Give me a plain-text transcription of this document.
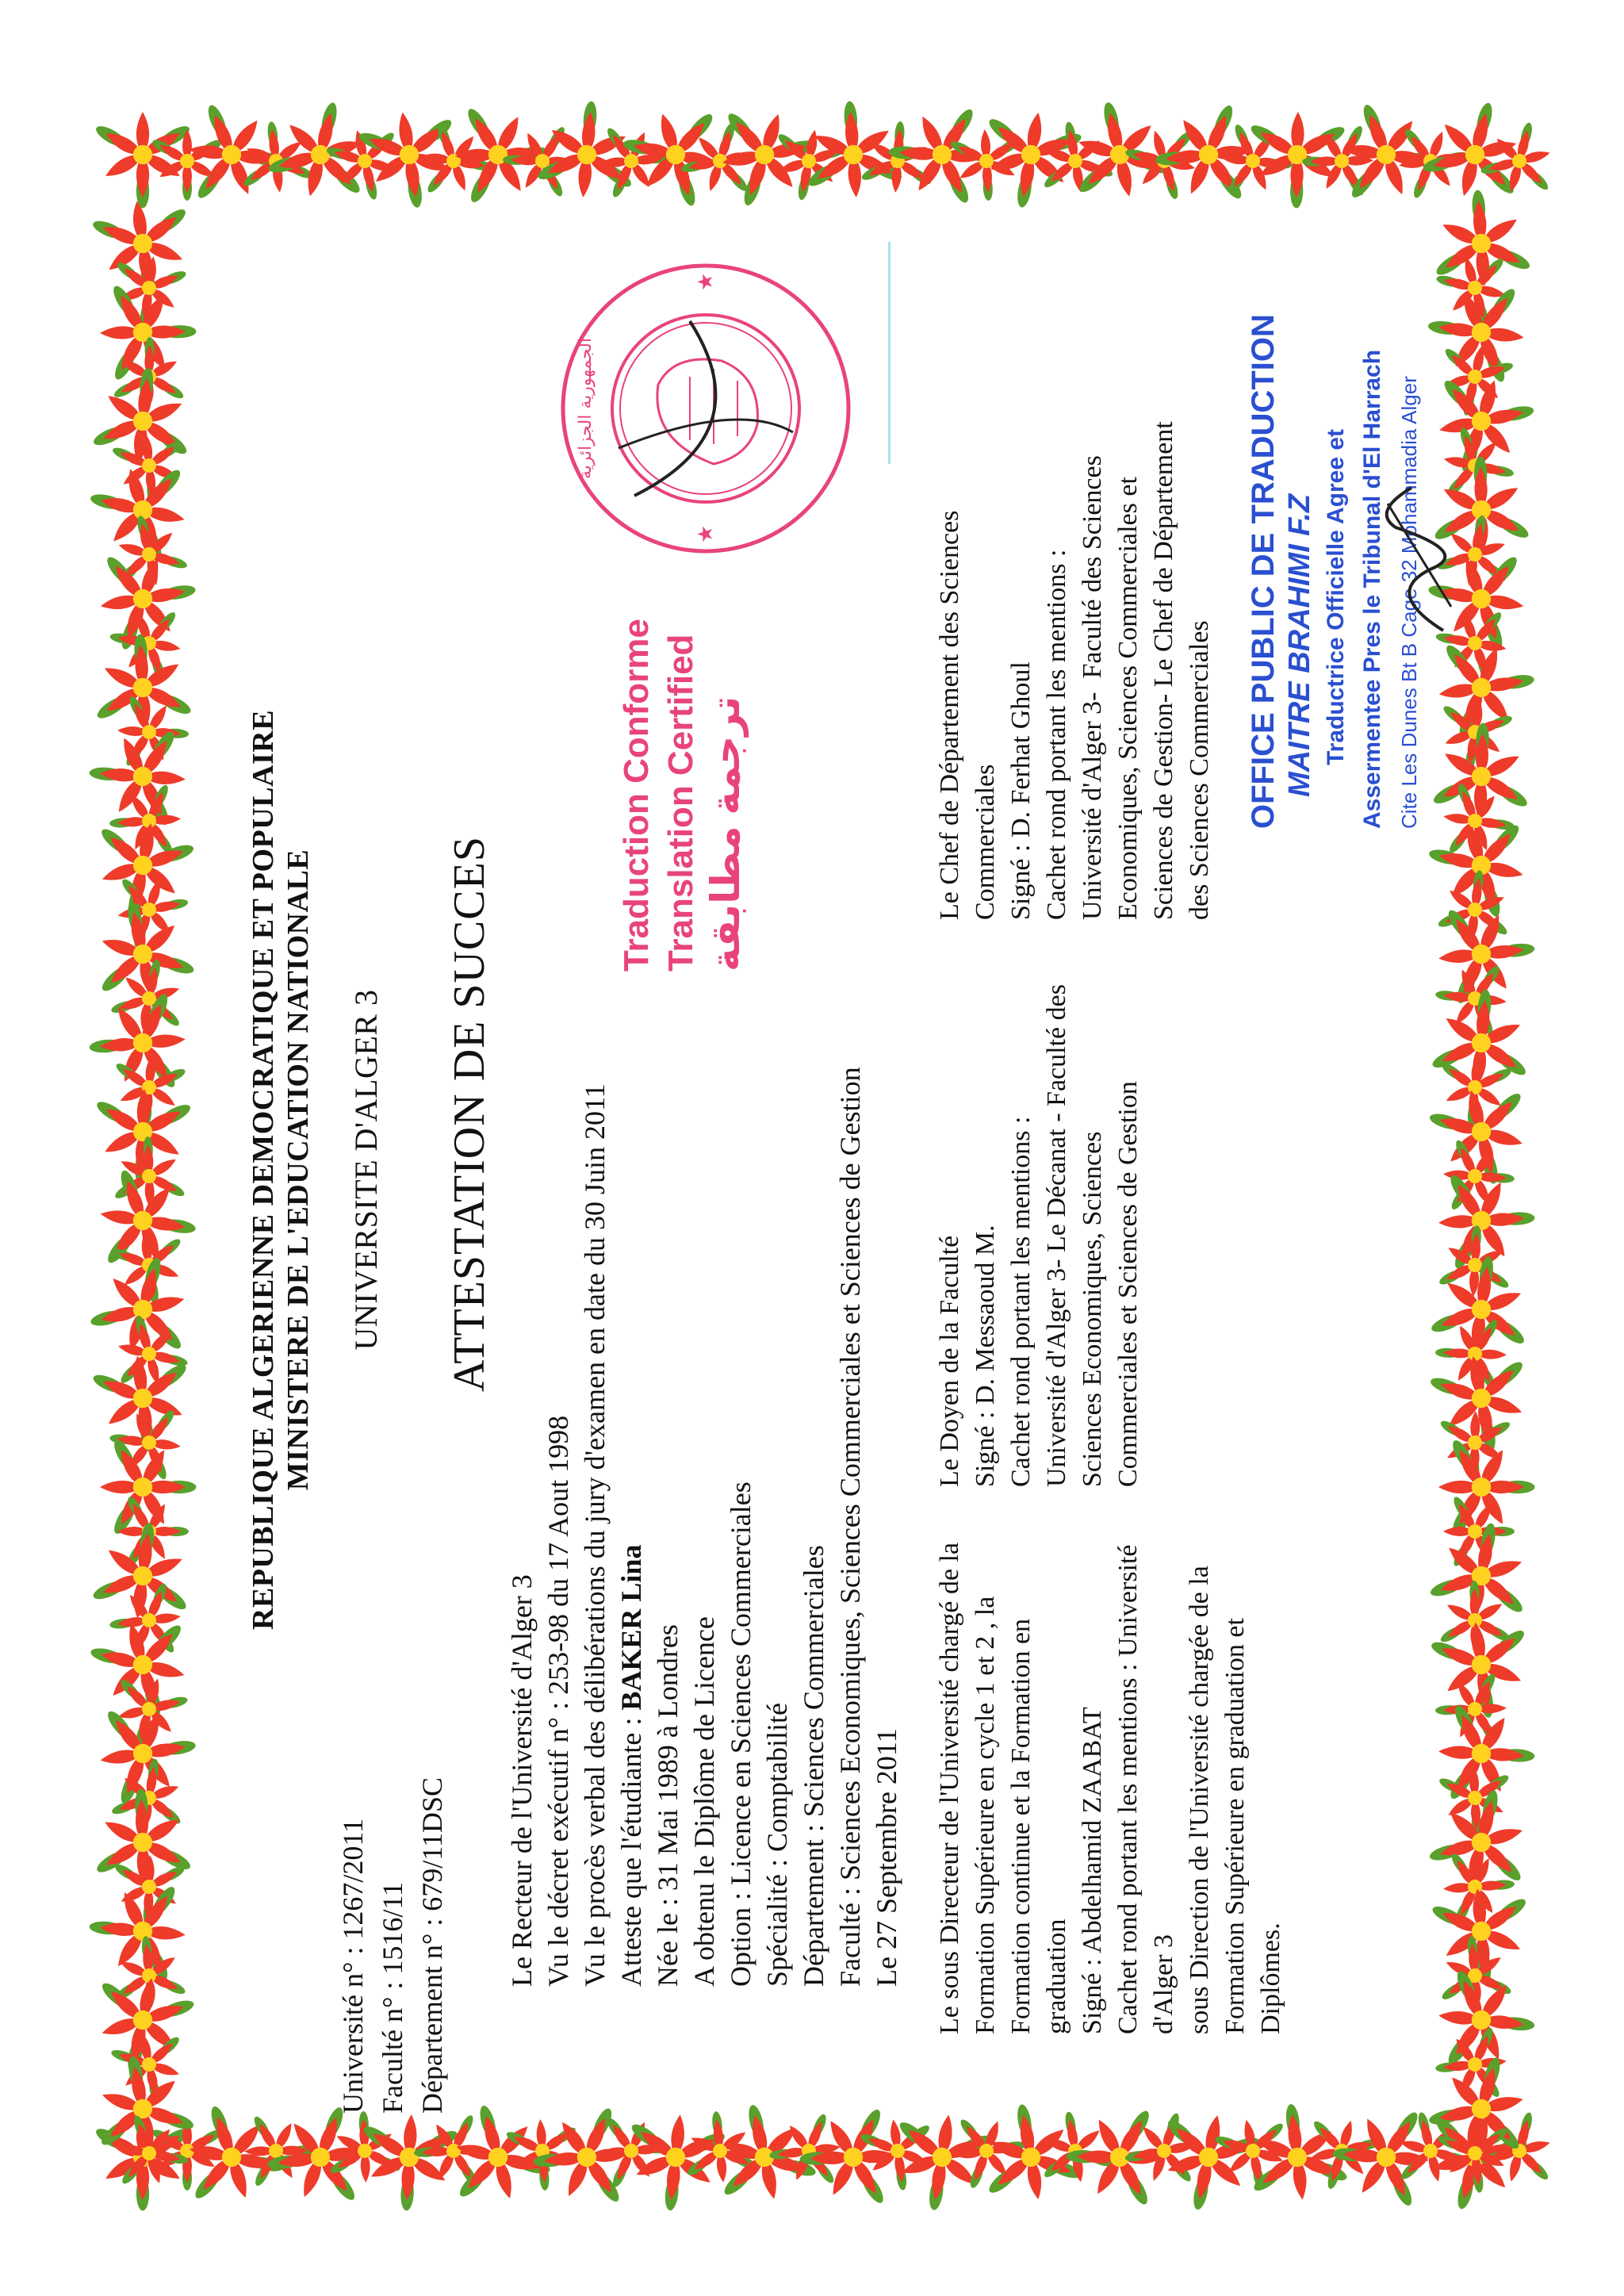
REPUBLIQUE ALGERIENNE DEMOCRATIQUE ET POPULAIRE MINISTERE DE L'EDUCATION NATIONALE UNIVERSITE D'ALGER 3
Université n° : 1267/2011 Faculté n° : 1516/11 Département n° : 679/11DSC
ATTESTATION DE SUCCES
Le Recteur de l'Université d'Alger 3 Vu le décret exécutif n° : 253-98 du 17 Aout 1998 Vu le procès verbal des délibérations du jury d'examen en date du 30 Juin 2011 Atteste que l'étudiante : BAKER Lina Née le : 31 Mai 1989 à Londres A obtenu le Diplôme de Licence Option : Licence en Sciences Commerciales Spécialité : Comptabilité Département : Sciences Commerciales Faculté : Sciences Economiques, Sciences Commerciales et Sciences de Gestion Le 27 Septembre 2011
Le sous Directeur de l'Université chargé de la Formation Supérieure en cycle 1 et 2 , la Formation continue et la Formation en graduation
Signé : Abdelhamid ZAABAT
Cachet rond portant les mentions : Université d'Alger 3
sous Direction de l'Université chargée de la Formation Supérieure en graduation et Diplômes.
Le Doyen de la Faculté
Signé : D. Messaoud M.
Cachet rond portant les mentions :
Université d'Alger 3- Le Décanat - Faculté des Sciences Economiques, Sciences Commerciales et Sciences de Gestion
Le Chef de Département des Sciences Commerciales
Signé : D. Ferhat Ghoul
Cachet rond portant les mentions :
Université d'Alger 3-  Faculté des Sciences Economiques, Sciences Commerciales et Sciences de Gestion- Le Chef de Département des Sciences Commerciales
Traduction Conforme Translation Certified ترجمة مطابقة
الجمهورية الجزائرية
★
★
OFFICE PUBLIC DE TRADUCTION MAITRE BRAHIMI F.Z Traductrice Officielle Agree et Assermentee Pres le Tribunal d'El Harrach Cite Les Dunes Bt B Cage 32 Mohammadia Alger
